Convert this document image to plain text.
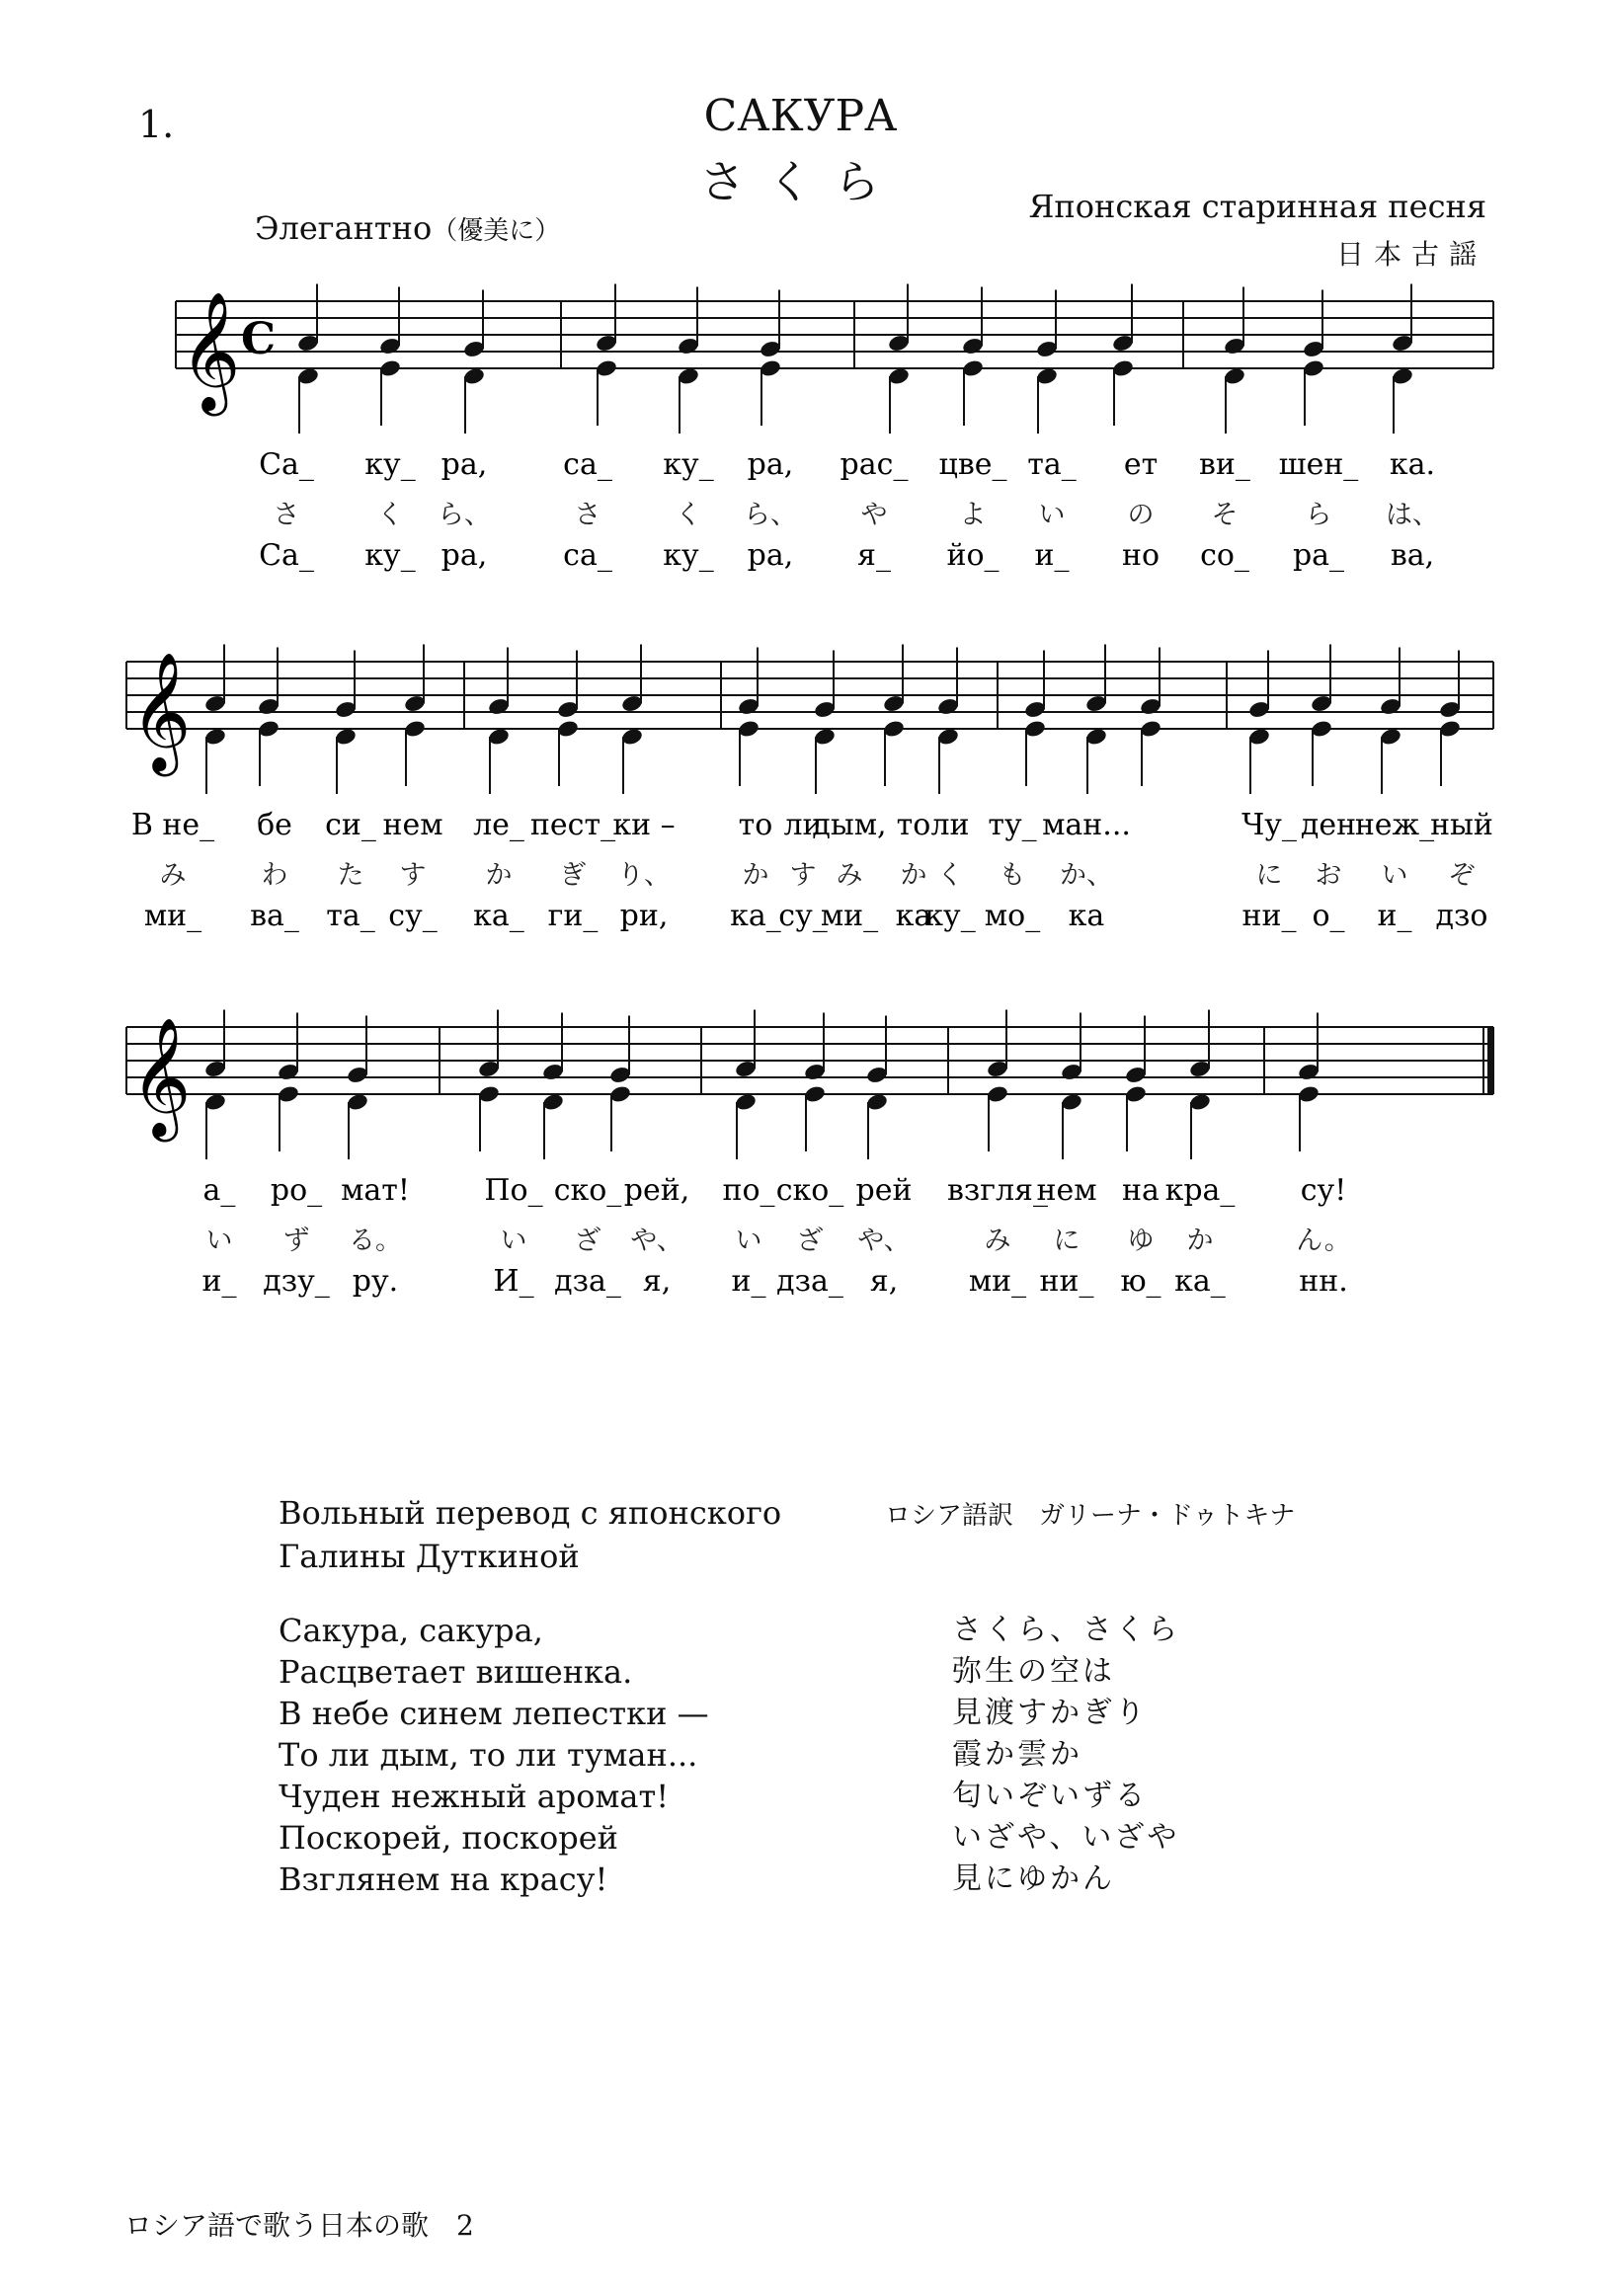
1.	САКУРА
さくら
Элегантно（優美に）
Японская старинная песня
日本古謡
𝄞 C
Са_ ку_ ра,	са_ ку_ ра, рас_ цве_ та_ ет ви_ шен_ ка.
さ	く ら、	さ	く ら、 や	よ い の そ	ら は、
Са_ ку_ ра,	са_ ку_ ра, я_ йо_ и_ но со_ ра_ ва,
𝄞
В не_ бе си_ нем ле_ пест_
ки – то ли
дым, то ли ту_ ман...	Чу_ ден
неж_
ный
み	わ た す か ぎ り、	か す み か く も か、	に お い ぞ
ми_ ва_ та_ су_ ка_ ги_ ри, ка_
су_
ми_ ка
ку_ мо_ ка	ни_ о_ и_ дзо
𝄞
а_ ро_ мат!	По_ ско_ рей, по_ ско_ рей взгля_
нем на кра_ су!
い ず る。	い ざ や、 い ざ や、	み に ゆ か	ん。
и_ дзу_ ру.	И_ дза_ я, и_ дза_ я, ми_ ни_ ю_ ка_ нн.
Вольный перевод с японского Галины Дуткиной
ロシア語訳　ガリーナ・ドゥトキナ
Сакура, сакура,
Расцветает вишенка.
В небе синем лепестки —
То ли дым, то ли туман...
Чуден нежный аромат!
Поскорей, поскорей
Взглянем на красу!
さくら、さくら
弥生の空は
見渡すかぎり
霞か雲か
匂いぞいずる
いざや、いざや
見にゆかん
ロシア語で歌う日本の歌　2
